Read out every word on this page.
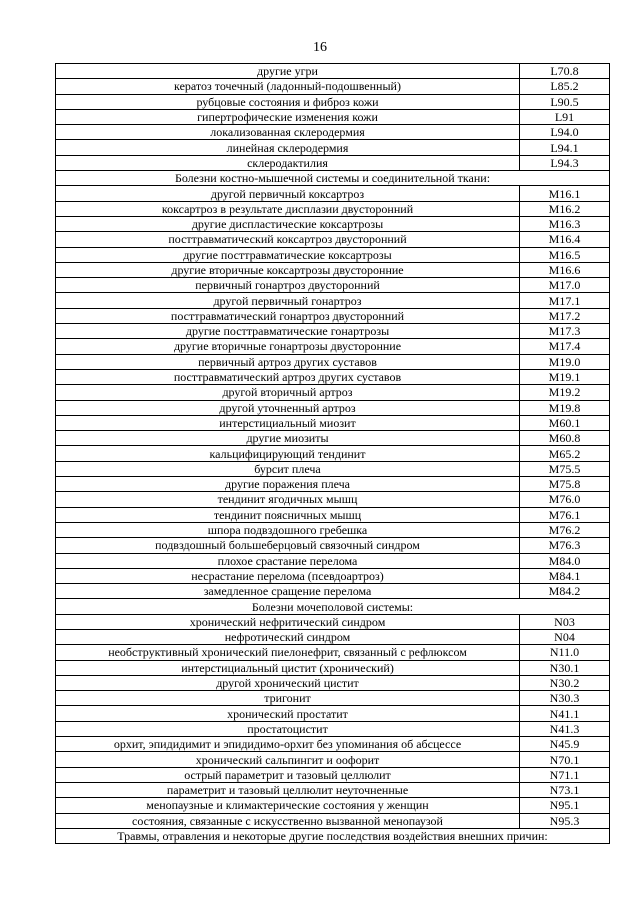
16
другие угри	L70.8
кератоз точечный (ладонный-подошвенный)	L85.2
рубцовые состояния и фиброз кожи	L90.5
гипертрофические изменения кожи	L91
локализованная склеродермия	L94.0
линейная склеродермия	L94.1
склеродактилия	L94.3
Болезни костно-мышечной системы и соединительной ткани:	
другой первичный коксартроз	M16.1
коксартроз в результате дисплазии двусторонний	M16.2
другие диспластические коксартрозы	M16.3
посттравматический коксартроз двусторонний	M16.4
другие посттравматические коксартрозы	M16.5
другие вторичные коксартрозы двусторонние	M16.6
первичный гонартроз двусторонний	M17.0
другой первичный гонартроз	M17.1
посттравматический гонартроз двусторонний	M17.2
другие посттравматические гонартрозы	M17.3
другие вторичные гонартрозы двусторонние	M17.4
первичный артроз других суставов	M19.0
посттравматический артроз других суставов	M19.1
другой вторичный артроз	M19.2
другой уточненный артроз	M19.8
интерстициальный миозит	M60.1
другие миозиты	M60.8
кальцифицирующий тендинит	M65.2
бурсит плеча	M75.5
другие поражения плеча	M75.8
тендинит ягодичных мышц	M76.0
тендинит поясничных мышц	M76.1
шпора подвздошного гребешка	M76.2
подвздошный большеберцовый связочный синдром	M76.3
плохое срастание перелома	M84.0
несрастание перелома (псевдоартроз)	M84.1
замедленное сращение перелома	M84.2
Болезни мочеполовой системы:	
хронический нефритический синдром	N03
нефротический синдром	N04
необструктивный хронический пиелонефрит, связанный с рефлюксом	N11.0
интерстициальный цистит (хронический)	N30.1
другой хронический цистит	N30.2
тригонит	N30.3
хронический простатит	N41.1
простатоцистит	N41.3
орхит, эпидидимит и эпидидимо-орхит без упоминания об абсцессе	N45.9
хронический сальпингит и оофорит	N70.1
острый параметрит и тазовый целлюлит	N71.1
параметрит и тазовый целлюлит неуточненные	N73.1
менопаузные и климактерические состояния у женщин	N95.1
состояния, связанные с искусственно вызванной менопаузой	N95.3
Травмы, отравления и некоторые другие последствия воздействия внешних причин:	
